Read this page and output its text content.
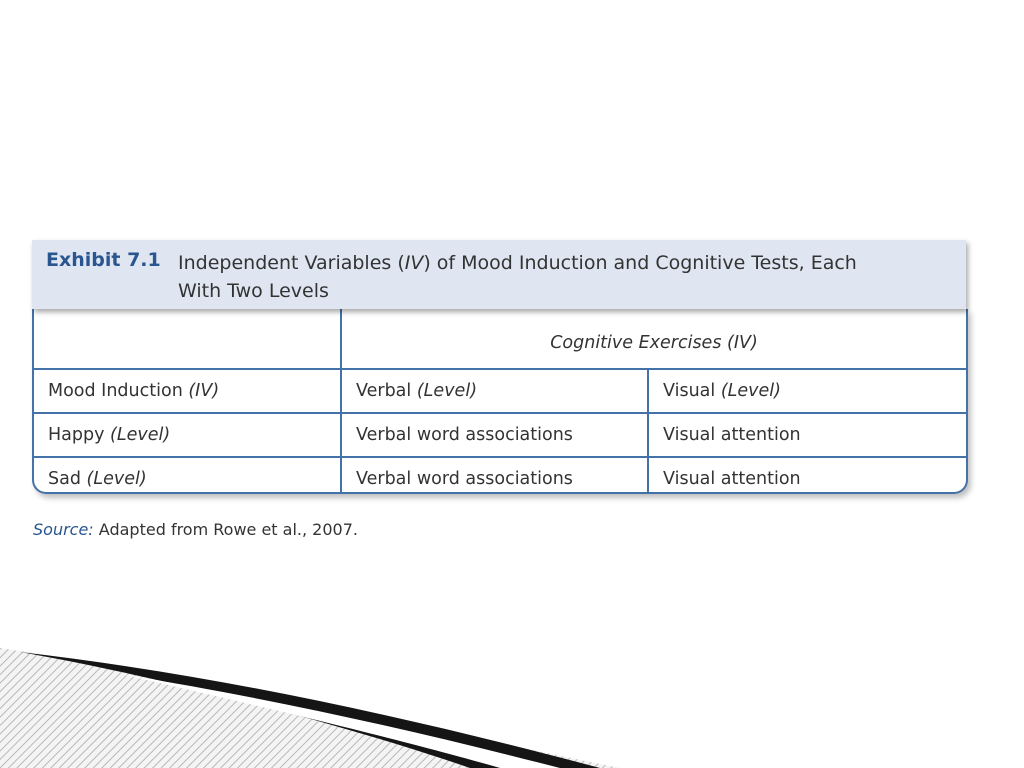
Exhibit 7.1 Independent Variables (IV) of Mood Induction and Cognitive Tests, Each
With Two Levels
	Cognitive Exercises (IV)	
Mood Induction (IV)	Verbal (Level)	Visual (Level)
Happy (Level)	Verbal word associations	Visual attention
Sad (Level)	Verbal word associations	Visual attention
Source: Adapted from Rowe et al., 2007.
